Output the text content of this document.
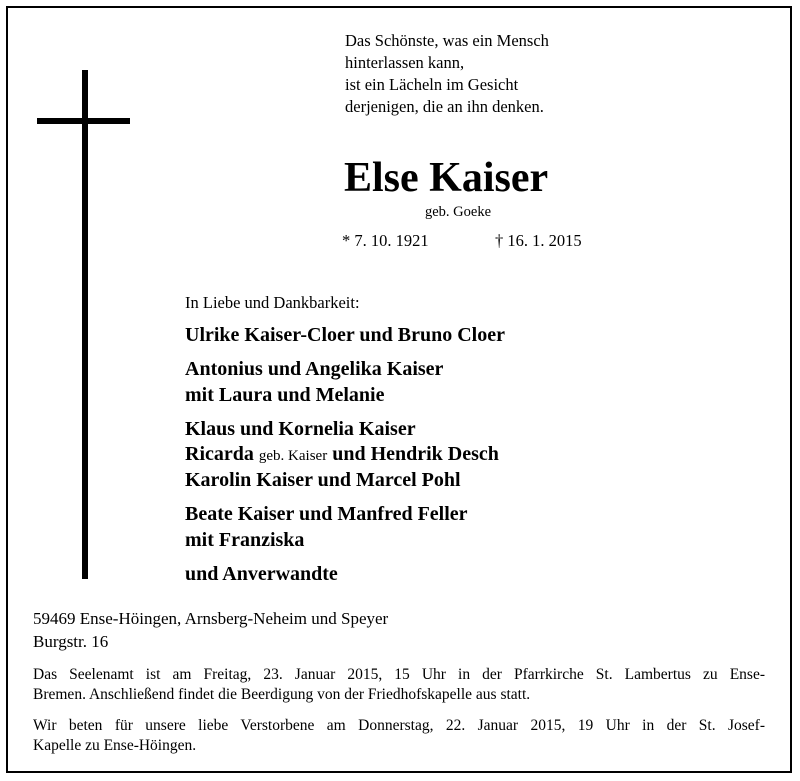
Das Schönste, was ein Mensch
hinterlassen kann,
ist ein Lächeln im Gesicht
derjenigen, die an ihn denken.
Else Kaiser
geb. Goeke
* 7. 10. 1921	† 16. 1. 2015
In Liebe und Dankbarkeit:
Ulrike Kaiser-Cloer und Bruno Cloer
Antonius und Angelika Kaiser
mit Laura und Melanie
Klaus und Kornelia Kaiser
Ricarda geb. Kaiser und Hendrik Desch
Karolin Kaiser und Marcel Pohl
Beate Kaiser und Manfred Feller
mit Franziska
und Anverwandte
59469 Ense-Höingen, Arnsberg-Neheim und Speyer
Burgstr. 16
Das Seelenamt ist am Freitag, 23. Januar 2015, 15 Uhr in der Pfarrkirche St. Lambertus zu Ense-
Bremen. Anschließend findet die Beerdigung von der Friedhofskapelle aus statt.
Wir beten für unsere liebe Verstorbene am Donnerstag, 22. Januar 2015, 19 Uhr in der St. Josef-
Kapelle zu Ense-Höingen.
